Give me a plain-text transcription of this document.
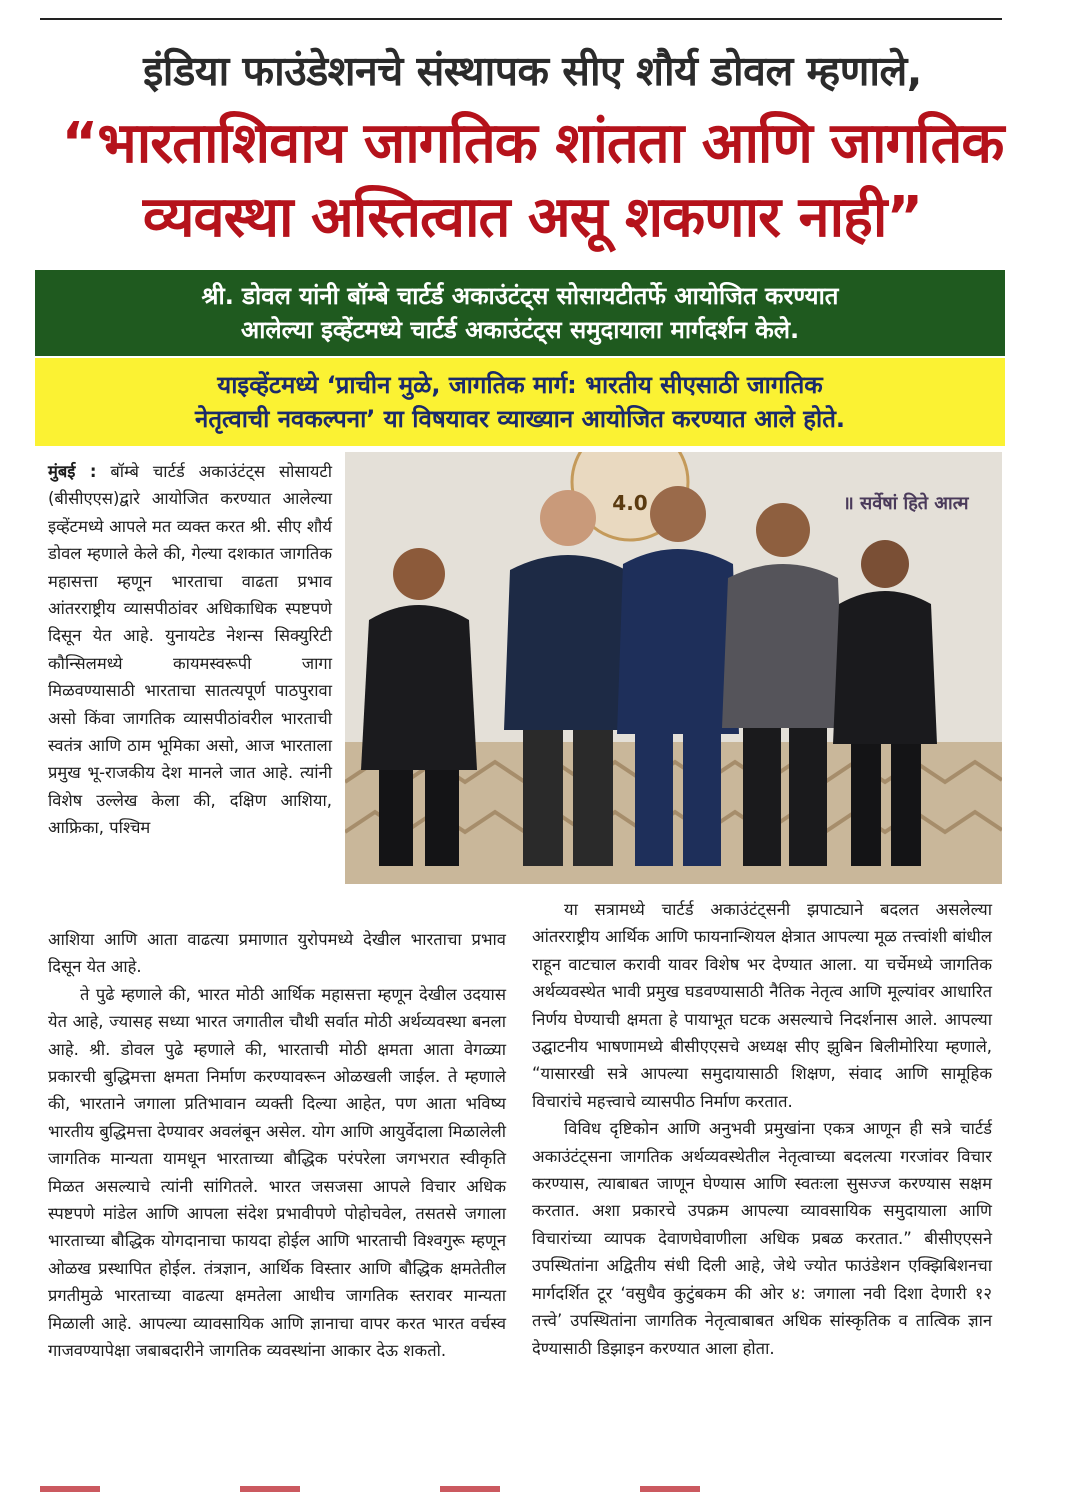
इंडिया फाउंडेशनचे संस्थापक सीए शौर्य डोवल म्हणाले,
“भारताशिवाय जागतिक शांतता आणि जागतिक
व्यवस्था अस्तित्वात असू शकणार नाही”
श्री. डोवल यांनी बॉम्बे चार्टर्ड अकाउंटंट्स सोसायटीतर्फे आयोजित करण्यात
आलेल्या इव्हेंटमध्ये चार्टर्ड अकाउंटंट्स समुदायाला मार्गदर्शन केले.
याइव्हेंटमध्ये ‘प्राचीन मुळे, जागतिक मार्ग: भारतीय सीएसाठी जागतिक
नेतृत्वाची नवकल्पना’ या विषयावर व्याख्यान आयोजित करण्यात आले होते.

मुंबई : बॉम्बे चार्टर्ड अकाउंटंट्स सोसायटी (बीसीएएस)द्वारे आयोजित करण्यात आलेल्या इव्हेंटमध्ये आपले मत व्यक्त करत श्री. सीए शौर्य डोवल म्हणाले केले की, गेल्या दशकात जागतिक महासत्ता म्हणून भारताचा वाढता प्रभाव आंतरराष्ट्रीय व्यासपीठांवर अधिकाधिक स्पष्टपणे दिसून येत आहे. युनायटेड नेशन्स सिक्युरिटी कौन्सिलमध्ये कायमस्वरूपी जागा मिळवण्यासाठी भारताचा सातत्यपूर्ण पाठपुरावा असो किंवा जागतिक व्यासपीठांवरील भारताची स्वतंत्र आणि ठाम भूमिका असो, आज भारताला प्रमुख भू-राजकीय देश मानले जात आहे. त्यांनी विशेष उल्लेख केला की, दक्षिण आशिया, आफ्रिका, पश्चिम

4.0	॥ सर्वेषां हिते आत्म

आशिया आणि आता वाढत्या प्रमाणात युरोपमध्ये देखील भारताचा प्रभाव दिसून येत आहे.

ते पुढे म्हणाले की, भारत मोठी आर्थिक महासत्ता म्हणून देखील उदयास येत आहे, ज्यासह सध्या भारत जगातील चौथी सर्वात मोठी अर्थव्यवस्था बनला आहे. श्री. डोवल पुढे म्हणाले की, भारताची मोठी क्षमता आता वेगळ्या प्रकारची बुद्धिमत्ता क्षमता निर्माण करण्यावरून ओळखली जाईल. ते म्हणाले की, भारताने जगाला प्रतिभावान व्यक्ती दिल्या आहेत, पण आता भविष्य भारतीय बुद्धिमत्ता देण्यावर अवलंबून असेल. योग आणि आयुर्वेदाला मिळालेली जागतिक मान्यता यामधून भारताच्या बौद्धिक परंपरेला जगभरात स्वीकृति मिळत असल्याचे त्यांनी सांगितले. भारत जसजसा आपले विचार अधिक स्पष्टपणे मांडेल आणि आपला संदेश प्रभावीपणे पोहोचवेल, तसतसे जगाला भारताच्या बौद्धिक योगदानाचा फायदा होईल आणि भारताची विश्वगुरू म्हणून ओळख प्रस्थापित होईल. तंत्रज्ञान, आर्थिक विस्तार आणि बौद्धिक क्षमतेतील प्रगतीमुळे भारताच्या वाढत्या क्षमतेला आधीच जागतिक स्तरावर मान्यता मिळाली आहे. आपल्या व्यावसायिक आणि ज्ञानाचा वापर करत भारत वर्चस्व गाजवण्यापेक्षा जबाबदारीने जागतिक व्यवस्थांना आकार देऊ शकतो.

या सत्रामध्ये चार्टर्ड अकाउंटंट्सनी झपाट्याने बदलत असलेल्या आंतरराष्ट्रीय आर्थिक आणि फायनान्शियल क्षेत्रात आपल्या मूळ तत्त्वांशी बांधील राहून वाटचाल करावी यावर विशेष भर देण्यात आला. या चर्चेमध्ये जागतिक अर्थव्यवस्थेत भावी प्रमुख घडवण्यासाठी नैतिक नेतृत्व आणि मूल्यांवर आधारित निर्णय घेण्याची क्षमता हे पायाभूत घटक असल्याचे निदर्शनास आले. आपल्या उद्घाटनीय भाषणामध्ये बीसीएएसचे अध्यक्ष सीए झुबिन बिलीमोरिया म्हणाले, “यासारखी सत्रे आपल्या समुदायासाठी शिक्षण, संवाद आणि सामूहिक विचारांचे महत्त्वाचे व्यासपीठ निर्माण करतात.

विविध दृष्टिकोन आणि अनुभवी प्रमुखांना एकत्र आणून ही सत्रे चार्टर्ड अकाउंटंट्सना जागतिक अर्थव्यवस्थेतील नेतृत्वाच्या बदलत्या गरजांवर विचार करण्यास, त्याबाबत जाणून घेण्यास आणि स्वतःला सुसज्ज करण्यास सक्षम करतात. अशा प्रकारचे उपक्रम आपल्या व्यावसायिक समुदायाला आणि विचारांच्या व्यापक देवाणघेवाणीला अधिक प्रबळ करतात.” बीसीएएसने उपस्थितांना अद्वितीय संधी दिली आहे, जेथे ज्योत फाउंडेशन एक्झिबिशनचा मार्गदर्शित टूर ‘वसुधैव कुटुंबकम की ओर ४: जगाला नवी दिशा देणारी १२ तत्त्वे’ उपस्थितांना जागतिक नेतृत्वाबाबत अधिक सांस्कृतिक व तात्विक ज्ञान देण्यासाठी डिझाइन करण्यात आला होता.
